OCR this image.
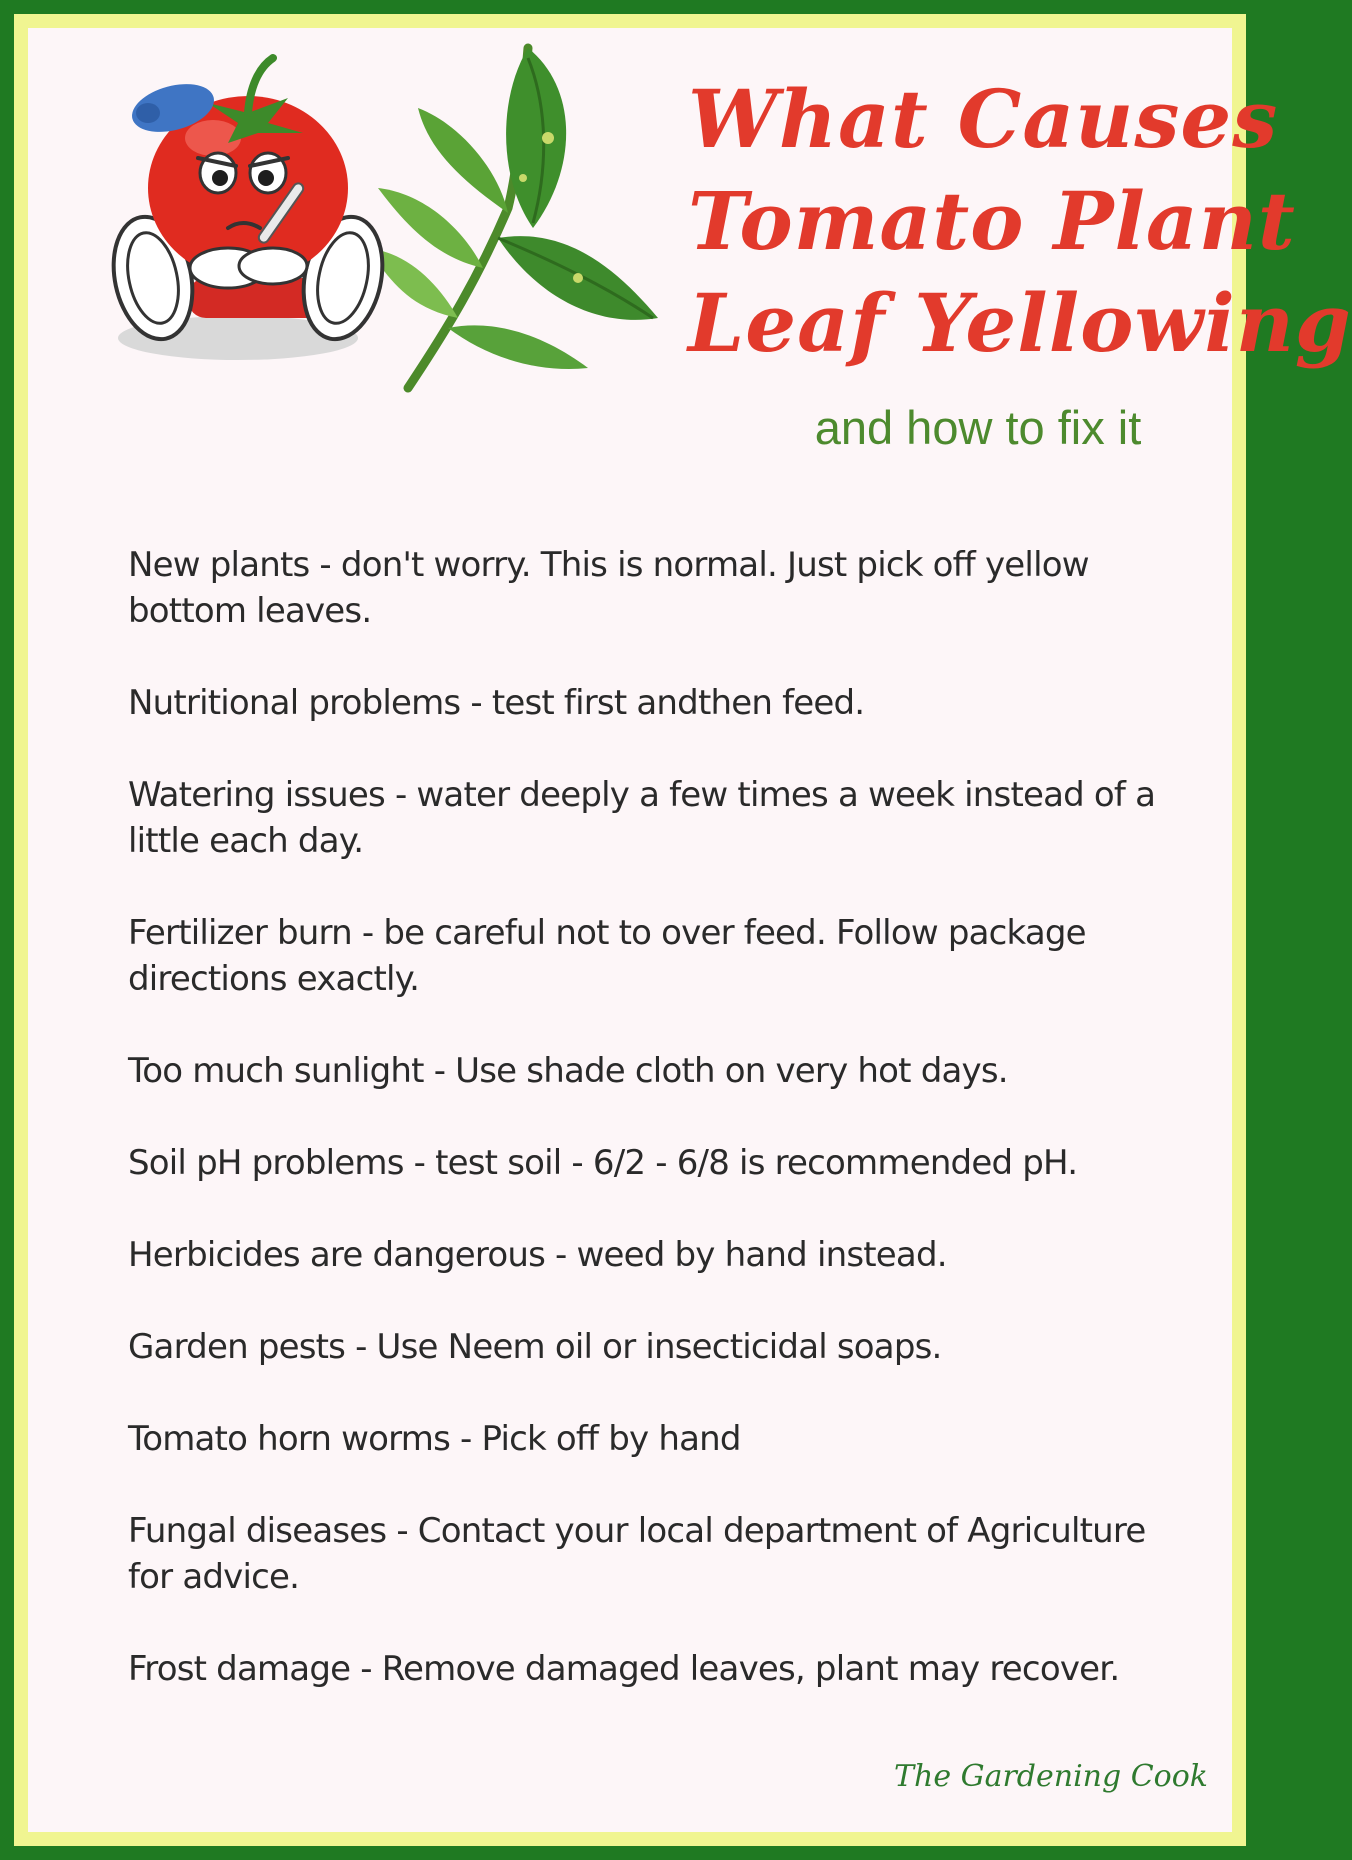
What Causes
Tomato Plant
Leaf Yellowing
and how to fix it
New plants - don't worry. This is normal. Just pick off yellow bottom leaves.
Nutritional problems - test first andthen feed.
Watering issues - water deeply a few times a week instead of a little each day.
Fertilizer burn - be careful not to over feed. Follow package directions exactly.
Too much sunlight - Use shade cloth on very hot days.
Soil pH problems - test soil - 6/2 - 6/8 is recommended pH.
Herbicides are dangerous - weed by hand instead.
Garden pests - Use Neem oil or insecticidal soaps.
Tomato horn worms - Pick off by hand
Fungal diseases - Contact your local department of Agriculture for advice.
Frost damage - Remove damaged leaves, plant may recover.
The Gardening Cook
